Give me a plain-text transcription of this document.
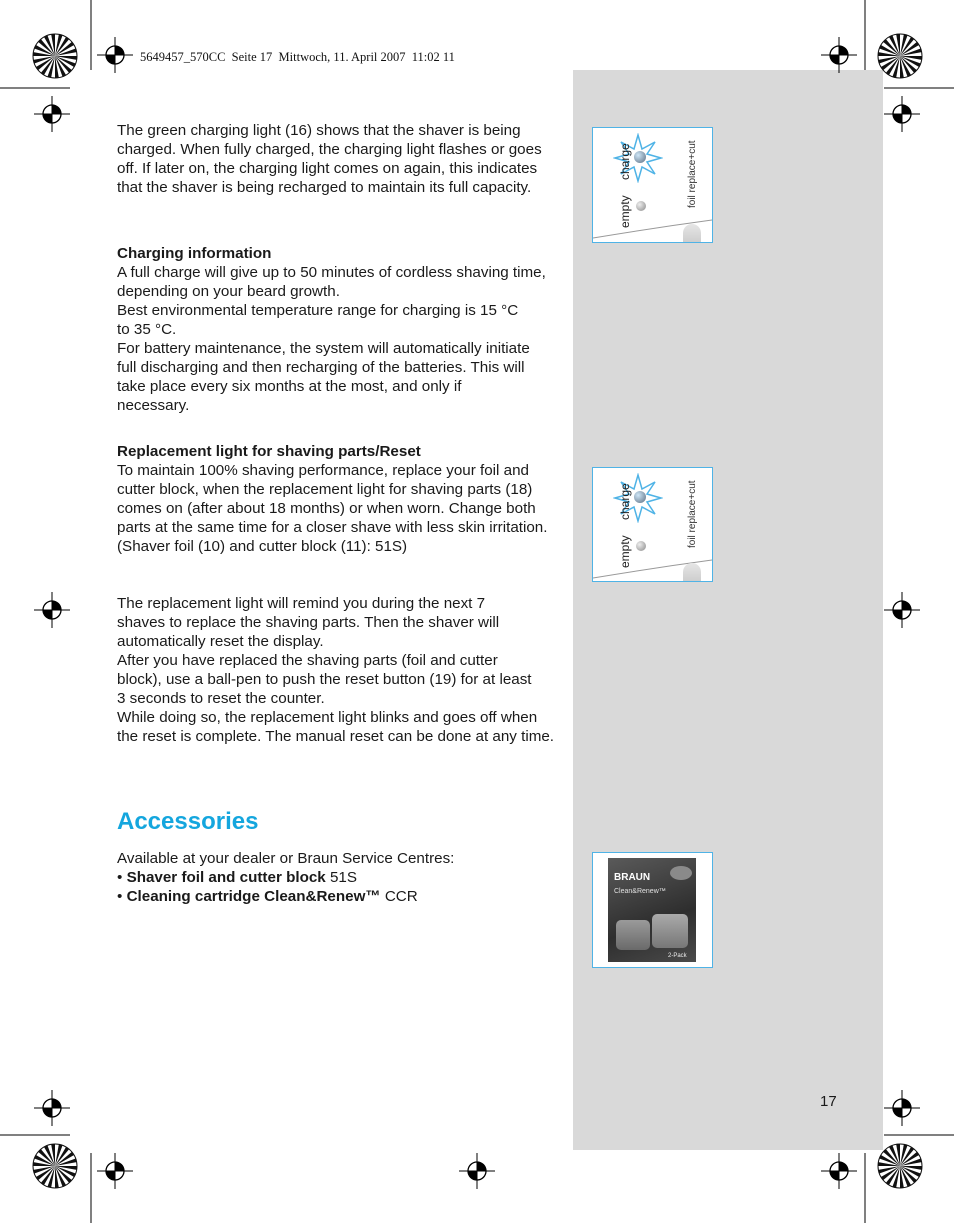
5649457_570CC  Seite 17  Mittwoch, 11. April 2007  11:02 11

The green charging light (16) shows that the shaver is being charged. When fully charged, the charging light flashes or goes off. If later on, the charging light comes on again, this indicates that the shaver is being recharged to maintain its full capacity.

Charging information

A full charge will give up to 50 minutes of cordless shaving time, depending on your beard growth.

Best environmental temperature range for charging is 15 °C to 35 °C.

For battery maintenance, the system will automatically initiate full discharging and then recharging of the batteries. This will take place every six months at the most, and only if necessary.

Replacement light for shaving parts/Reset

To maintain 100% shaving performance, replace your foil and cutter block, when the replacement light for shaving parts (18) comes on (after about 18 months) or when worn. Change both parts at the same time for a closer shave with less skin irritation.

(Shaver foil (10) and cutter block (11): 51S)

The replacement light will remind you during the next 7 shaves to replace the shaving parts. Then the shaver will automatically reset the display.

After you have replaced the shaving parts (foil and cutter block), use a ball-pen to push the reset button (19) for at least 3 seconds to reset the counter.

While doing so, the replacement light blinks and goes off when the reset is complete. The manual reset can be done at any time.

Accessories

Available at your dealer or Braun Service Centres:

• Shaver foil and cutter block 51S

• Cleaning cartridge Clean&Renew™ CCR

empty
charge	foil replace+cut
empty
charge	foil replace+cut
BRAUN
Clean&Renew™
2-Pack
17
